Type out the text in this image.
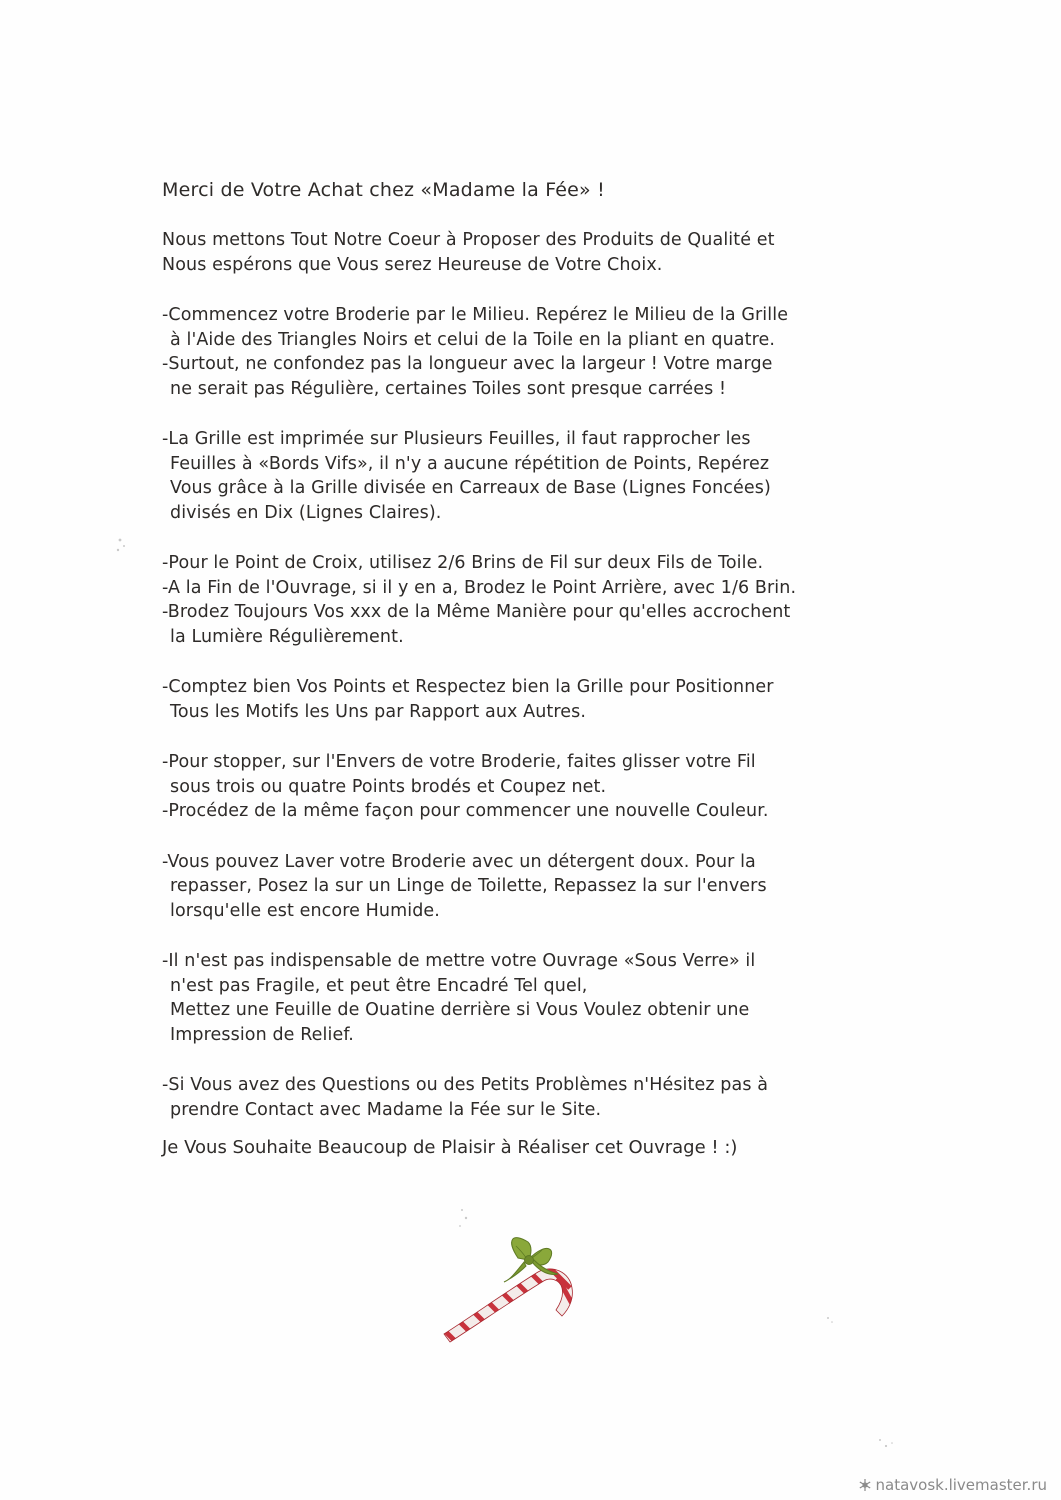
Merci de Votre Achat chez «Madame la Fée» !
Nous mettons Tout Notre Coeur à Proposer des Produits de Qualité et
Nous espérons que Vous serez Heureuse de Votre Choix.
-Commencez votre Broderie par le Milieu. Repérez le Milieu de la Grille
à l'Aide des Triangles Noirs et celui de la Toile en la pliant en quatre.
-Surtout, ne confondez pas la longueur avec la largeur ! Votre marge
ne serait pas Régulière, certaines Toiles sont presque carrées !
-La Grille est imprimée sur Plusieurs Feuilles, il faut rapprocher les
Feuilles à «Bords Vifs», il n'y a aucune répétition de Points, Repérez
Vous grâce à la Grille divisée en Carreaux de Base (Lignes Foncées)
divisés en Dix (Lignes Claires).
-Pour le Point de Croix, utilisez 2/6 Brins de Fil sur deux Fils de Toile.
-A la Fin de l'Ouvrage, si il y en a, Brodez le Point Arrière, avec 1/6 Brin.
-Brodez Toujours Vos xxx de la Même Manière pour qu'elles accrochent
la Lumière Régulièrement.
-Comptez bien Vos Points et Respectez bien la Grille pour Positionner
Tous les Motifs les Uns par Rapport aux Autres.
-Pour stopper, sur l'Envers de votre Broderie, faites glisser votre Fil
sous trois ou quatre Points brodés et Coupez net.
-Procédez de la même façon pour commencer une nouvelle Couleur.
-Vous pouvez Laver votre Broderie avec un détergent doux. Pour la
repasser, Posez la sur un Linge de Toilette, Repassez la sur l'envers
lorsqu'elle est encore Humide.
-Il n'est pas indispensable de mettre votre Ouvrage «Sous Verre» il
n'est pas Fragile, et peut être Encadré Tel quel,
Mettez une Feuille de Ouatine derrière si Vous Voulez obtenir une
Impression de Relief.
-Si Vous avez des Questions ou des Petits Problèmes n'Hésitez pas à
prendre Contact avec Madame la Fée sur le Site.
Je Vous Souhaite Beaucoup de Plaisir à Réaliser cet Ouvrage ! :)
natavosk.livemaster.ru
